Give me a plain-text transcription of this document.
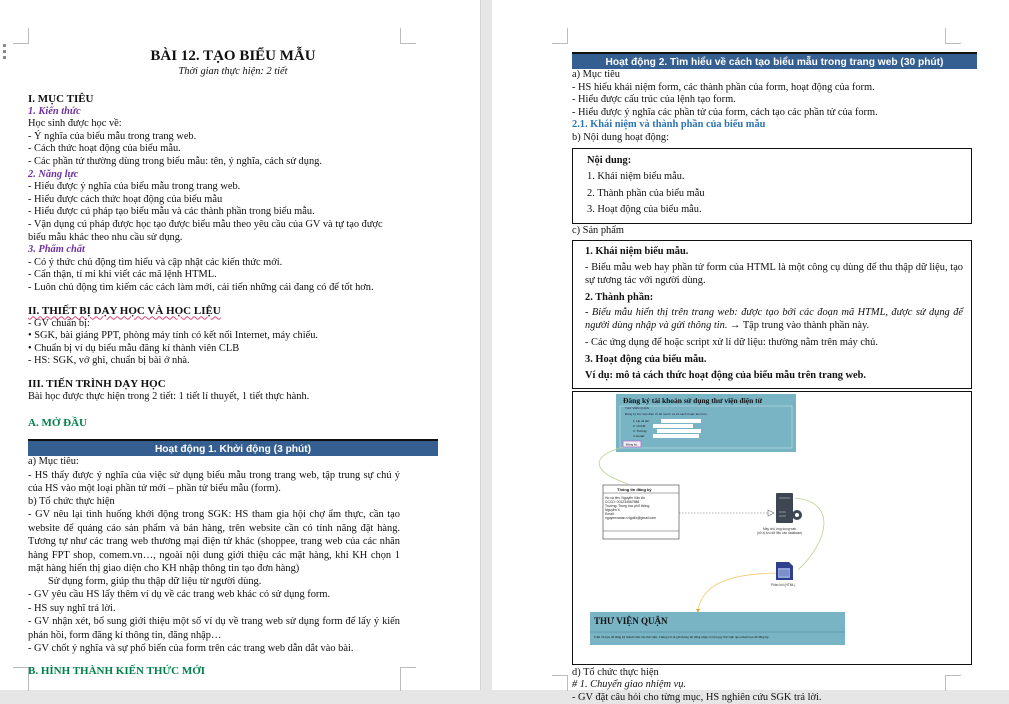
BÀI 12. TẠO BIỂU MẪU
Thời gian thực hiện: 2 tiết
I. MỤC TIÊU
1. Kiến thức
Học sinh được học về:
- Ý nghĩa của biểu mẫu trong trang web.
- Cách thức hoạt động của biểu mẫu.
- Các phần tử thường dùng trong biểu mẫu: tên, ý nghĩa, cách sử dụng.
2. Năng lực
- Hiểu được ý nghĩa của biểu mẫu trong trang web.
- Hiểu được cách thức hoạt động của biểu mẫu
- Hiểu được cú pháp tạo biểu mẫu và các thành phần trong biểu mẫu.
- Vận dụng cú pháp được học tạo được biểu mẫu theo yêu cầu của GV và tự tạo được biểu mẫu khác theo nhu cầu sử dụng.
3. Phẩm chất
- Có ý thức chủ động tìm hiểu và cập nhật các kiến thức mới.
- Cẩn thận, tỉ mỉ khi viết các mã lệnh HTML.
- Luôn chủ động tìm kiếm các cách làm mới, cải tiến những cái đang có để tốt hơn.
II. THIẾT BỊ DẠY HỌC VÀ HỌC LIỆU
- GV chuẩn bị:
• SGK, bài giảng PPT, phòng máy tính có kết nối Internet, máy chiếu.
• Chuẩn bị ví dụ biểu mẫu đăng kí thành viên CLB
- HS: SGK, vở ghi, chuẩn bị bài ở nhà.
III. TIẾN TRÌNH DẠY HỌC
Bài học được thực hiện trong 2 tiết: 1 tiết lí thuyết, 1 tiết thực hành.
A. MỞ ĐẦU
Hoạt động 1. Khởi động (3 phút)
a) Mục tiêu:
- HS thấy được ý nghĩa của việc sử dụng biểu mẫu trong trang web, tập trung sự chú ý của HS vào một loại phần tử mới – phần tử biểu mẫu (form).
b) Tổ chức thực hiện
- GV nêu lại tình huống khởi động trong SGK: HS tham gia hội chợ ẩm thực, cần tạo website để quảng cáo sản phẩm và bán hàng, trên website cần có tính năng đặt hàng. Tương tự như các trang web thương mại điện tử khác (shoppee, trang web của các nhãn hàng FPT shop, comem.vn…, ngoài nội dung giới thiệu các mặt hàng, khi KH chọn 1 mặt hàng hiển thị giao diện cho KH nhập thông tin tạo đơn hàng)
Sử dụng form, giúp thu thập dữ liệu từ người dùng.
- GV yêu cầu HS lấy thêm ví dụ về các trang web khác có sử dụng form.
- HS suy nghĩ trả lời.
- GV nhận xét, bổ sung giới thiệu một số ví dụ về trang web sử dụng form để lấy ý kiến phản hồi, form đăng kí thông tin, đăng nhập…
- GV chốt ý nghĩa và sự phổ biến của form trên các trang web dẫn dắt vào bài.
B. HÌNH THÀNH KIẾN THỨC MỚI
Hoạt động 2. Tìm hiểu về cách tạo biểu mẫu trong trang web (30 phút)
a) Mục tiêu
- HS hiểu khái niệm form, các thành phần của form, hoạt động của form.
- Hiểu được cấu trúc của lệnh tạo form.
- Hiểu được ý nghĩa các phần tử của form, cách tạo các phần tử của form.
2.1. Khái niệm và thành phần của biểu mẫu
b) Nội dung hoạt động:

Nội dung:

1. Khái niệm biểu mẫu.

2. Thành phần của biểu mẫu

3. Hoạt động của biểu mẫu.

c) Sản phẩm

1. Khái niệm biểu mẫu.

- Biểu mẫu web hay phần tử form của HTML là một công cụ dùng để thu thập dữ liệu, tạo sự tương tác với người dùng.

2. Thành phần:

- Biểu mẫu hiển thị trên trang web: được tạo bởi các đoạn mã HTML, được sử dụng để người dùng nhập và gửi thông tin. → Tập trung vào thành phần này.

- Các ứng dụng để hoặc script xử lí dữ liệu: thường nằm trên máy chủ.

3. Hoạt động của biểu mẫu.

Ví dụ: mô tả cách thức hoạt động của biểu mẫu trên trang web.

Đăng ký tài khoản sử dụng thư viện điện tử
THƯ VIỆN QUẬN
Đăng ký thư viện điện tử để mượn và trả sách thuận tiện hơn.
1. Họ và tên:
2. CCCD:
3. Trường:
4. Email:
Đăng ký
Thông tin đăng ký
Họ và tên: Nguyễn Văn An
CCCD: 001234567888
Trường: Trung học phổ thông
Nguyễn X
Email:
nguyenvanan.v4golfz@gmail.com
Máy chủ ứng dụng web
(xử lý lưu dữ liệu vào database)
Phản hồi (HTML)
THƯ VIỆN QUẬN
Cảm ơn bạn đã đăng ký thành viên của thư viện. Chúng tôi sẽ gửi thông tin đăng nhập và nội quy thư viện qua email bạn đã đăng ký.
d) Tổ chức thực hiện
# 1. Chuyển giao nhiệm vụ.
- GV đặt câu hỏi cho từng mục, HS nghiên cứu SGK trả lời.
